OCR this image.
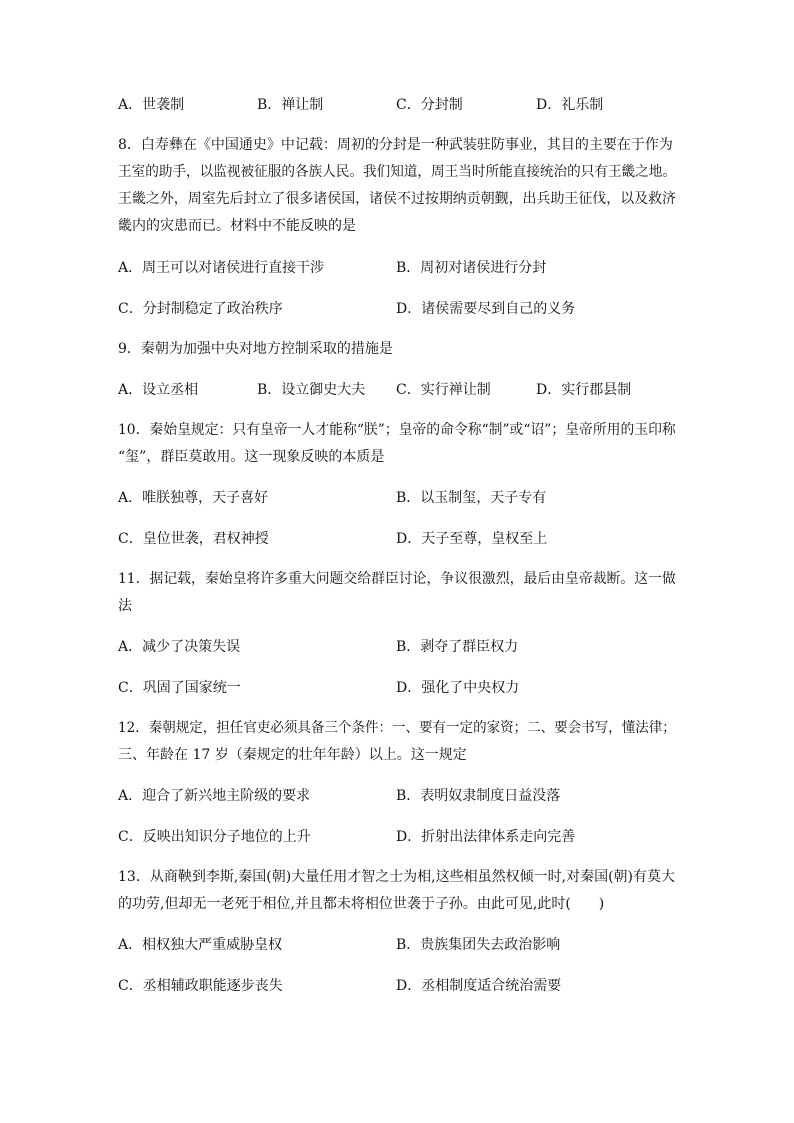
A．世袭制	B．禅让制	C．分封制	D．礼乐制
8．白寿彝在《中国通史》中记载：周初的分封是一种武装驻防事业，其目的主要在于作为
王室的助手，以监视被征服的各族人民。我们知道，周王当时所能直接统治的只有王畿之地。
王畿之外，周室先后封立了很多诸侯国，诸侯不过按期纳贡朝觐，出兵助王征伐，以及救济
畿内的灾患而已。材料中不能反映的是
A．周王可以对诸侯进行直接干涉	B．周初对诸侯进行分封
C．分封制稳定了政治秩序	D．诸侯需要尽到自己的义务
9．秦朝为加强中央对地方控制采取的措施是
A．设立丞相	B．设立御史大夫 C．实行禅让制	D．实行郡县制
10．秦始皇规定：只有皇帝一人才能称“朕”；皇帝的命令称“制”或“诏”；皇帝所用的玉印称
“玺”，群臣莫敢用。这一现象反映的本质是
A．唯朕独尊，天子喜好	B．以玉制玺，天子专有
C．皇位世袭，君权神授	D．天子至尊，皇权至上
11．据记载，秦始皇将许多重大问题交给群臣讨论，争议很激烈，最后由皇帝裁断。这一做
法
A．减少了决策失误	B．剥夺了群臣权力
C．巩固了国家统一	D．强化了中央权力
12．秦朝规定，担任官吏必须具备三个条件：一、要有一定的家资；二、要会书写，懂法律；
三、年龄在 17 岁（秦规定的壮年年龄）以上。这一规定
A．迎合了新兴地主阶级的要求	B．表明奴隶制度日益没落
C．反映出知识分子地位的上升	D．折射出法律体系走向完善
13．从商鞅到李斯,秦国(朝)大量任用才智之士为相,这些相虽然权倾一时,对秦国(朝)有莫大
的功劳,但却无一老死于相位,并且都未将相位世袭于子孙。由此可见,此时(　　)
A．相权独大严重威胁皇权	B．贵族集团失去政治影响
C．丞相辅政职能逐步丧失	D．丞相制度适合统治需要
